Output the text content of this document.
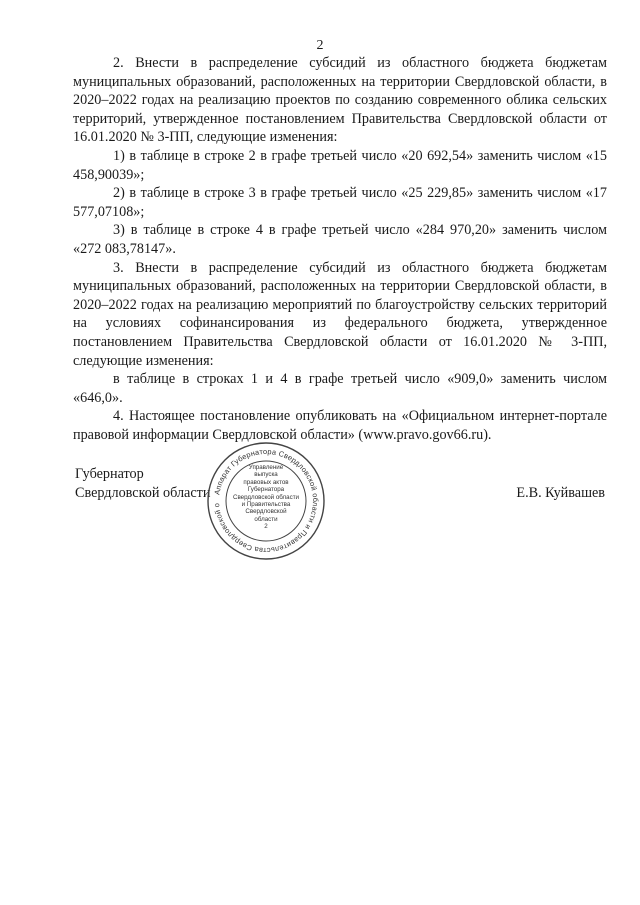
2

2. Внести в распределение субсидий из областного бюджета бюджетам муниципальных образований, расположенных на территории Свердловской области, в 2020–2022 годах на реализацию проектов по созданию современного облика сельских территорий, утвержденное постановлением Правительства Свердловской области от 16.01.2020 № 3-ПП, следующие изменения:

1) в таблице в строке 2 в графе третьей число «20 692,54» заменить числом «15 458,90039»;

2) в таблице в строке 3 в графе третьей число «25 229,85» заменить числом «17 577,07108»;

3) в таблице в строке 4 в графе третьей число «284 970,20» заменить числом «272 083,78147».

3. Внести в распределение субсидий из областного бюджета бюджетам муниципальных образований, расположенных на территории Свердловской области, в 2020–2022 годах на реализацию мероприятий по благоустройству сельских территорий на условиях софинансирования из федерального бюджета, утвержденное постановлением Правительства Свердловской области от 16.01.2020 № 3-ПП, следующие изменения:

в таблице в строках 1 и 4 в графе третьей число «909,0» заменить числом «646,0».

4. Настоящее постановление опубликовать на «Официальном интернет-портале правовой информации Свердловской области» (www.pravo.gov66.ru).

Губернатор
Свердловской области Аппарат Губернатора Свердловской области и Правительства Свердловской о
Управление
выпуска
правовых актов
Губернатора
Свердловской области
и Правительства
Свердловской
области
2
Е.В. Куйвашев
